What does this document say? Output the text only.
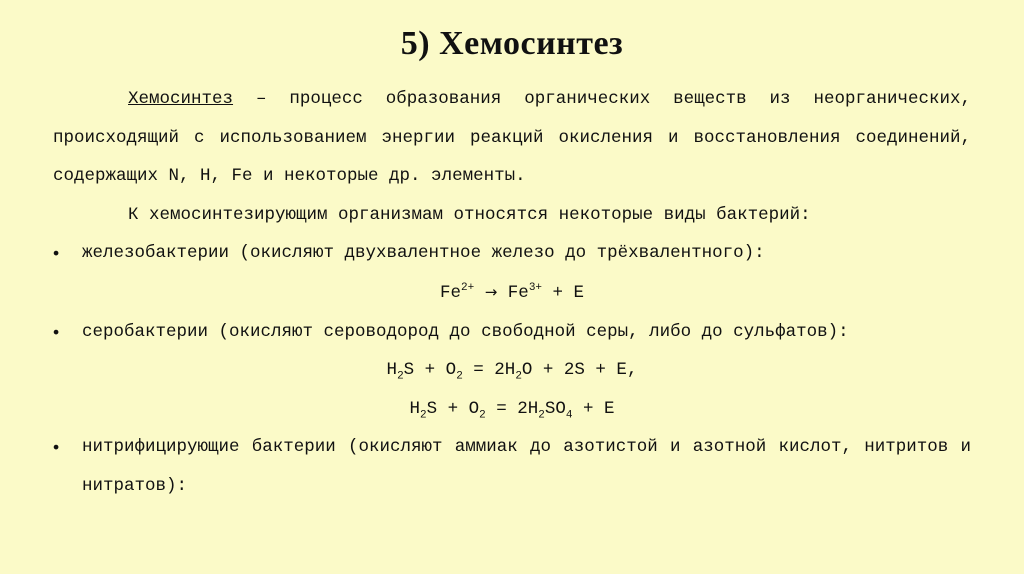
5) Хемосинтез

Хемосинтез – процесс образования органических веществ из неорганических, происходящий с использованием энергии реакций окисления и восстановления соединений, содержащих N, H, Fe и некоторые др. элементы.

К хемосинтезирующим организмам относятся некоторые виды бактерий:

•	железобактерии (окисляют двухвалентное железо до трёхвалентного):

$Fe^{2+} \to Fe^{3+} + E$

•	серобактерии (окисляют сероводород до свободной серы, либо до сульфатов):

$H_2S + O_2 = 2H_2O + 2S + E$,

$H_2S + O_2 = 2H_2SO_4 + E$

•	нитрифицирующие бактерии (окисляют аммиак до азотистой и азотной кислот, нитритов и нитратов):
